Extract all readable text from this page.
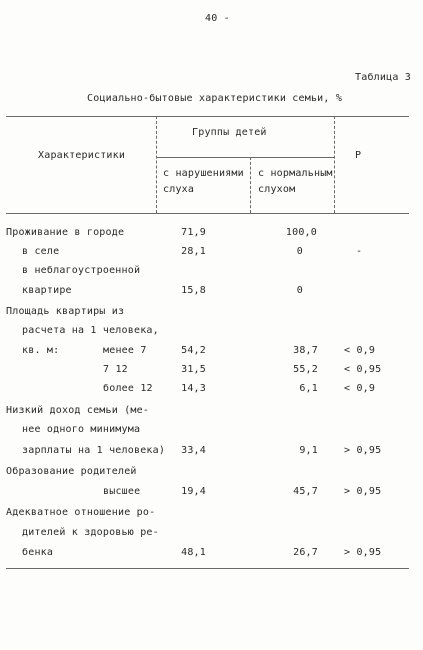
40 -
Таблица 3
Социально-бытовые характеристики семьи, %
Характеристики
Группы детей
с нарушениями
слуха
с нормальным
слухом
P
Проживание в городе	71,9	100,0
в селе	28,1	0	-
в неблагоустроенной
квартире	15,8	0
Площадь квартиры из
расчета на 1 человека,
кв. м:	менее 7	54,2	38,7	< 0,9
7 12	31,5	55,2	< 0,95
более 12	14,3	6,1	< 0,9
Низкий доход семьи (ме-
нее одного минимума
зарплаты на 1 человека)	33,4	9,1	> 0,95
Образование родителей
высшее	19,4	45,7	> 0,95
Адекватное отношение ро-
дителей к здоровью ре-
бенка	48,1	26,7	> 0,95
